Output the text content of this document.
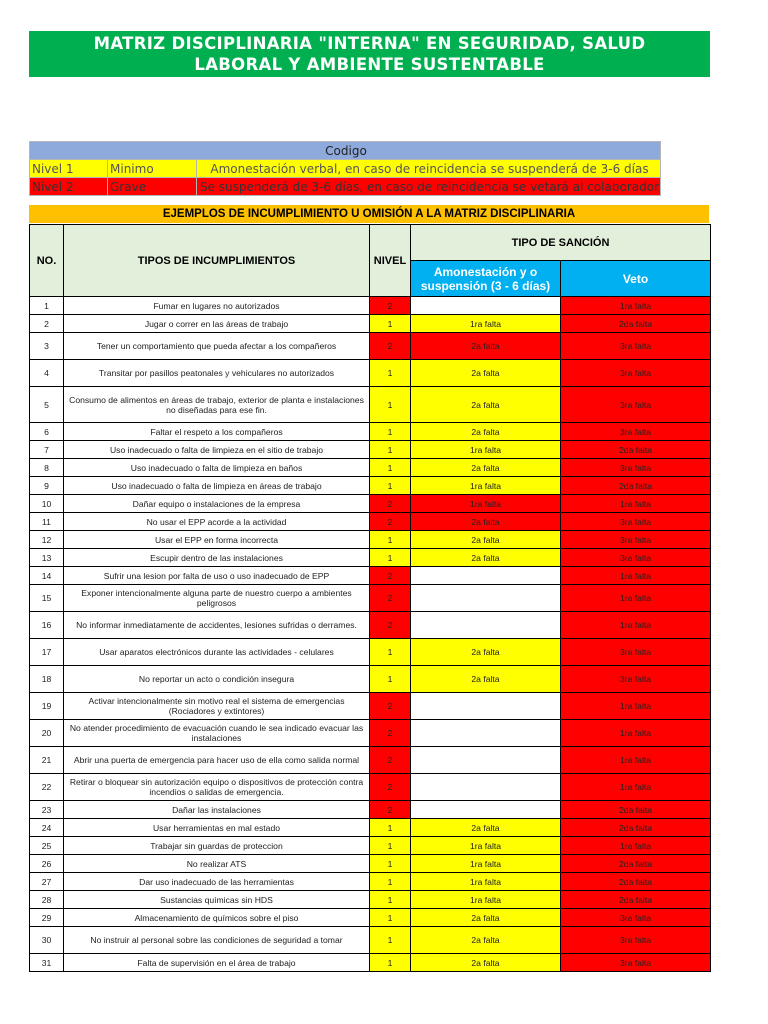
MATRIZ DISCIPLINARIA "INTERNA" EN SEGURIDAD, SALUD
LABORAL Y AMBIENTE SUSTENTABLE
Codigo		
Nivel 1	Minimo	Amonestación verbal, en caso de reincidencia se suspenderá de 3-6 días
Nivel 2	Grave	Se suspenderá de 3-6 días, en caso de reincidencia se vetará al colaborador
EJEMPLOS DE INCUMPLIMIENTO U OMISIÓN A LA MATRIZ DISCIPLINARIA
NO.	TIPOS DE INCUMPLIMIENTOS	NIVEL	TIPO DE SANCIÓN	
			Amonestación y o suspensión (3 - 6 días)	Veto
1	Fumar en lugares no autorizados	2		1ra falta
2	Jugar o correr en las áreas de trabajo	1	1ra falta	2da falta
3	Tener un comportamiento que pueda afectar a los compañeros	2	2a falta	3ra falta
4	Transitar por pasillos peatonales y vehiculares no autorizados	1	2a falta	3ra falta
5	Consumo de alimentos en áreas de trabajo, exterior de planta e instalaciones no diseñadas para ese fin.	1	2a falta	3ra falta
6	Faltar el respeto a los compañeros	1	2a falta	3ra falta
7	Uso inadecuado o falta de limpieza en el sitio de trabajo	1	1ra falta	2da falta
8	Uso inadecuado o falta de limpieza en baños	1	2a falta	3ra falta
9	Uso inadecuado o falta de limpieza en áreas de trabajo	1	1ra falta	2da falta
10	Dañar equipo o instalaciones de la empresa	2	1ra falta	1ra falta
11	No usar el EPP acorde a la actividad	2	2a falta	3ra falta
12	Usar el EPP en forma incorrecta	1	2a falta	3ra falta
13	Escupir dentro de las instalaciones	1	2a falta	3ra falta
14	Sufrir una lesion por falta de uso o uso inadecuado de EPP	2		1ra falta
15	Exponer intencionalmente alguna parte de nuestro cuerpo a ambientes peligrosos	2		1ra falta
16	No informar inmediatamente de accidentes, lesiones sufridas o derrames.	2		1ra falta
17	Usar aparatos electrónicos durante las actividades - celulares	1	2a falta	3ra falta
18	No reportar un acto o condición insegura	1	2a falta	3ra falta
19	Activar intencionalmente sin motivo real el sistema de emergencias (Rociadores y extintores)	2		1ra falta
20	No atender procedimiento de evacuación cuando le sea indicado evacuar las instalaciones	2		1ra falta
21	Abrir una puerta de emergencia para hacer uso de ella como salida normal	2		1ra falta
22	Retirar o bloquear sin autorización equipo o dispositivos de protección contra incendios o salidas de emergencia.	2		1ra falta
23	Dañar las instalaciones	2		2da falta
24	Usar herramientas en mal estado	1	2a falta	2da falta
25	Trabajar sin guardas de proteccion	1	1ra falta	1ra falta
26	No realizar ATS	1	1ra falta	2da falta
27	Dar uso inadecuado de las herramientas	1	1ra falta	2da falta
28	Sustancias químicas sin HDS	1	1ra falta	2da falta
29	Almacenamiento de químicos sobre el piso	1	2a falta	3ra falta
30	No instruir al personal sobre las condiciones de seguridad a tomar	1	2a falta	3ra falta
31	Falta de supervisión en el área de trabajo	1	2a falta	3ra falta
